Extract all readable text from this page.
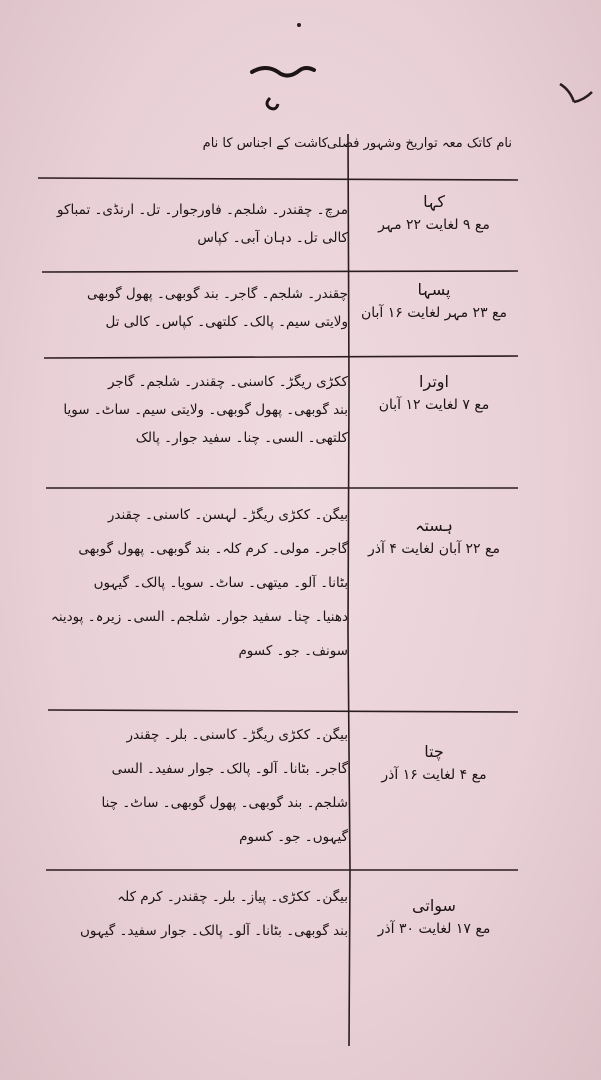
نام کاتک معہ تواریخ وشہور فصلی
کاشت کے اجناس کا نام
کہا
مع ۹ لغایت ۲۲ مہر
مرچ۔ چقندر۔ شلجم۔ فاورجوار۔ تل۔ ارنڈی۔ تمباکو
کالی تل۔ دہان آبی۔ کپاس
پسہا
مع ۲۳ مہر لغایت ۱۶ آبان
چقندر۔ شلجم۔ گاجر۔ بند گوبھی۔ پھول گوبھی
ولایتی سیم۔ پالک۔ کلتھی۔ کپاس۔ کالی تل
اوترا
مع ۷ لغایت ۱۲ آبان
ککڑی ریگڑ۔ کاسنی۔ چقندر۔ شلجم۔ گاجر
بند گوبھی۔ پھول گوبھی۔ ولایتی سیم۔ ساٹ۔ سویا
کلتھی۔ السی۔ چنا۔ سفید جوار۔ پالک
ہستہ
مع ۲۲ آبان لغایت ۴ آذر
بیگن۔ ککڑی ریگڑ۔ لہسن۔ کاسنی۔ چقندر
گاجر۔ مولی۔ کرم کلہ۔ بند گوبھی۔ پھول گوبھی
بٹانا۔ آلو۔ میتھی۔ ساٹ۔ سویا۔ پالک۔ گیہوں
دھنیا۔ چنا۔ سفید جوار۔ شلجم۔ السی۔ زیرہ۔ پودینہ
سونف۔ جو۔ کسوم
چتا
مع ۴ لغایت ۱۶ آذر
بیگن۔ ککڑی ریگڑ۔ کاسنی۔ بلر۔ چقندر
گاجر۔ بٹانا۔ آلو۔ پالک۔ جوار سفید۔ السی
شلجم۔ بند گوبھی۔ پھول گوبھی۔ ساٹ۔ چنا
گیہوں۔ جو۔ کسوم
سواتی
مع ۱۷ لغایت ۳۰ آذر
بیگن۔ ککڑی۔ پیاز۔ بلر۔ چقندر۔ کرم کلہ
بند گوبھی۔ بٹانا۔ آلو۔ پالک۔ جوار سفید۔ گیہوں
